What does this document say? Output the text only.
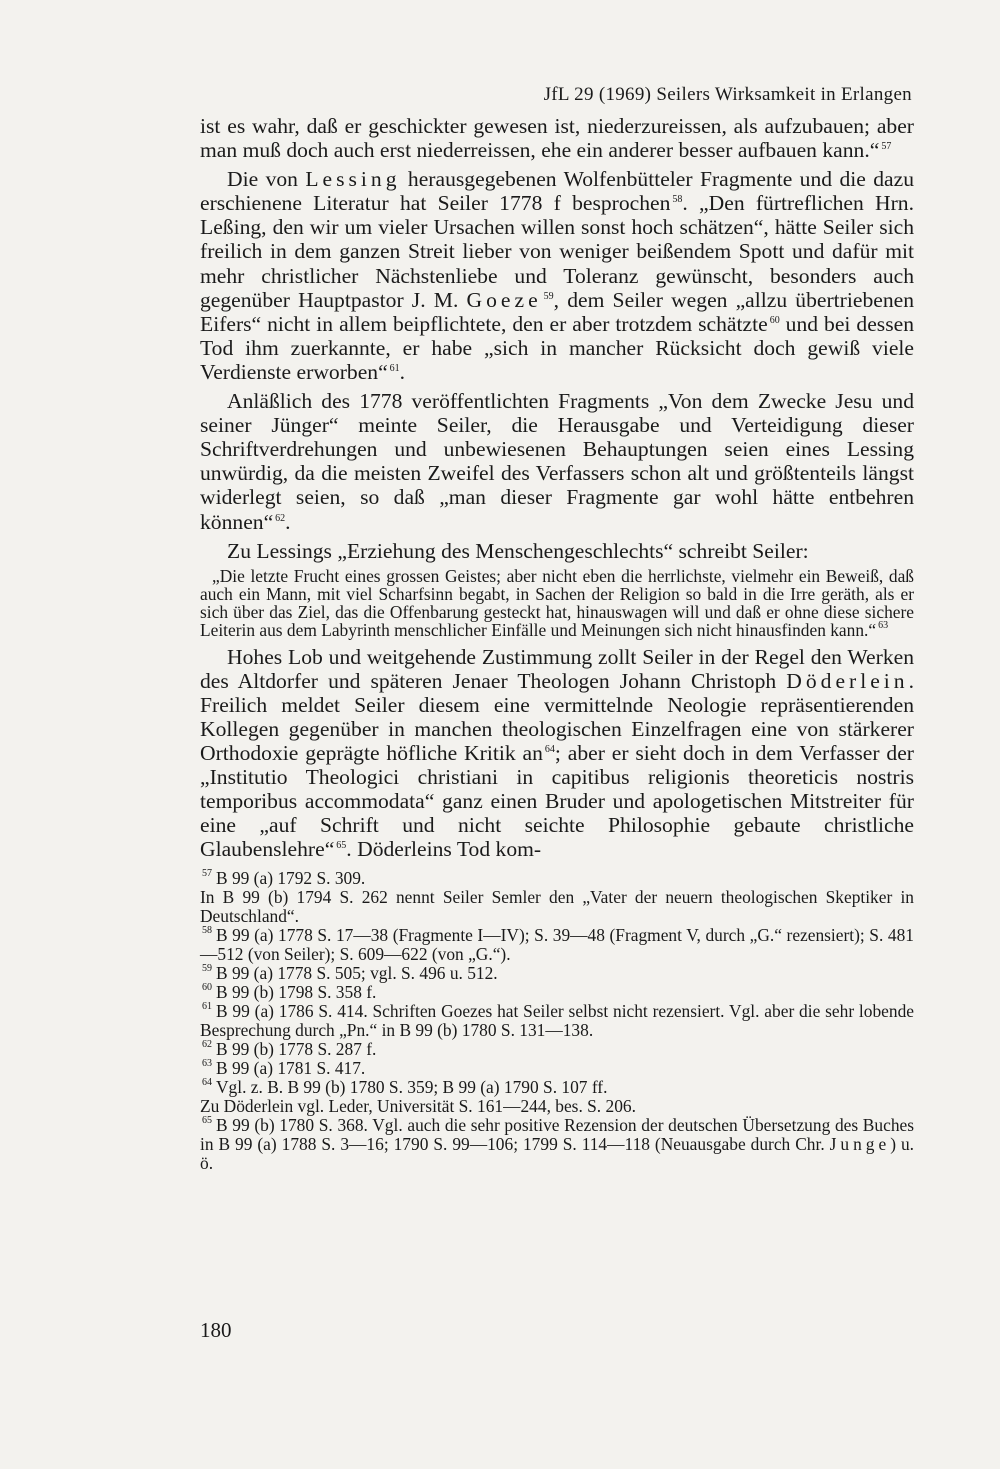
JfL 29 (1969) Seilers Wirksamkeit in Erlangen

ist es wahr, daß er geschickter gewesen ist, niederzureissen, als aufzubauen; aber man muß doch auch erst niederreissen, ehe ein anderer besser aufbauen kann.“ $^{57}$

Die von Lessing herausgegebenen Wolfenbütteler Fragmente und die dazu erschienene Literatur hat Seiler 1778 f besprochen $^{58}$. „Den fürtreflichen Hrn. Leßing, den wir um vieler Ursachen willen sonst hoch schätzen“, hätte Seiler sich freilich in dem ganzen Streit lieber von weniger beißendem Spott und dafür mit mehr christlicher Nächstenliebe und Toleranz gewünscht, besonders auch gegenüber Hauptpastor J. M. Goeze $^{59}$, dem Seiler wegen „allzu übertriebenen Eifers“ nicht in allem beipflichtete, den er aber trotzdem schätzte $^{60}$ und bei dessen Tod ihm zuerkannte, er habe „sich in mancher Rücksicht doch gewiß viele Verdienste erworben“ $^{61}$.

Anläßlich des 1778 veröffentlichten Fragments „Von dem Zwecke Jesu und seiner Jünger“ meinte Seiler, die Herausgabe und Verteidigung dieser Schriftverdrehungen und unbewiesenen Behauptungen seien eines Lessing unwürdig, da die meisten Zweifel des Verfassers schon alt und größtenteils längst widerlegt seien, so daß „man dieser Fragmente gar wohl hätte entbehren können“ $^{62}$.

Zu Lessings „Erziehung des Menschengeschlechts“ schreibt Seiler:

„Die letzte Frucht eines grossen Geistes; aber nicht eben die herrlichste, vielmehr ein Beweiß, daß auch ein Mann, mit viel Scharfsinn begabt, in Sachen der Religion so bald in die Irre geräth, als er sich über das Ziel, das die Offenbarung gesteckt hat, hinauswagen will und daß er ohne diese sichere Leiterin aus dem Labyrinth menschlicher Einfälle und Meinungen sich nicht hinausfinden kann.“ $^{63}$

Hohes Lob und weitgehende Zustimmung zollt Seiler in der Regel den Werken des Altdorfer und späteren Jenaer Theologen Johann Christoph Döderlein. Freilich meldet Seiler diesem eine vermittelnde Neologie repräsentierenden Kollegen gegenüber in manchen theologischen Einzelfragen eine von stärkerer Orthodoxie geprägte höfliche Kritik an $^{64}$; aber er sieht doch in dem Verfasser der „Institutio Theologici christiani in capitibus religionis theoreticis nostris temporibus accommodata“ ganz einen Bruder und apologetischen Mitstreiter für eine „auf Schrift und nicht seichte Philosophie gebaute christliche Glaubenslehre“ $^{65}$. Döderleins Tod kom-

$^{57}$ B 99 (a) 1792 S. 309.

In B 99 (b) 1794 S. 262 nennt Seiler Semler den „Vater der neuern theologischen Skeptiker in Deutschland“.

$^{58}$ B 99 (a) 1778 S. 17—38 (Fragmente I—IV); S. 39—48 (Fragment V, durch „G.“ rezensiert); S. 481—512 (von Seiler); S. 609—622 (von „G.“).

$^{59}$ B 99 (a) 1778 S. 505; vgl. S. 496 u. 512.

$^{60}$ B 99 (b) 1798 S. 358 f.

$^{61}$ B 99 (a) 1786 S. 414. Schriften Goezes hat Seiler selbst nicht rezensiert. Vgl. aber die sehr lobende Besprechung durch „Pn.“ in B 99 (b) 1780 S. 131—138.

$^{62}$ B 99 (b) 1778 S. 287 f.

$^{63}$ B 99 (a) 1781 S. 417.

$^{64}$ Vgl. z. B. B 99 (b) 1780 S. 359; B 99 (a) 1790 S. 107 ff.

Zu Döderlein vgl. Leder, Universität S. 161—244, bes. S. 206.

$^{65}$ B 99 (b) 1780 S. 368. Vgl. auch die sehr positive Rezension der deutschen Übersetzung des Buches in B 99 (a) 1788 S. 3—16; 1790 S. 99—106; 1799 S. 114—118 (Neuausgabe durch Chr. Junge) u. ö.

180
